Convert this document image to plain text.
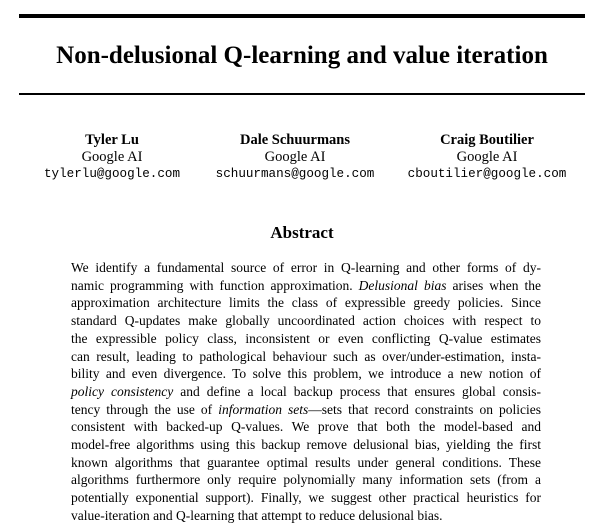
Non-delusional Q-learning and value iteration
Tyler Lu
Google AI
tylerlu@google.com
Dale Schuurmans
Google AI
schuurmans@google.com
Craig Boutilier
Google AI
cboutilier@google.com
Abstract
We identify a fundamental source of error in Q-learning and other forms of dy-
namic programming with function approximation. Delusional bias arises when the
approximation architecture limits the class of expressible greedy policies. Since
standard Q-updates make globally uncoordinated action choices with respect to
the expressible policy class, inconsistent or even conflicting Q-value estimates
can result, leading to pathological behaviour such as over/under-estimation, insta-
bility and even divergence. To solve this problem, we introduce a new notion of
policy consistency and define a local backup process that ensures global consis-
tency through the use of information sets—sets that record constraints on policies
consistent with backed-up Q-values. We prove that both the model-based and
model-free algorithms using this backup remove delusional bias, yielding the first
known algorithms that guarantee optimal results under general conditions. These
algorithms furthermore only require polynomially many information sets (from a
potentially exponential support). Finally, we suggest other practical heuristics for
value-iteration and Q-learning that attempt to reduce delusional bias.
